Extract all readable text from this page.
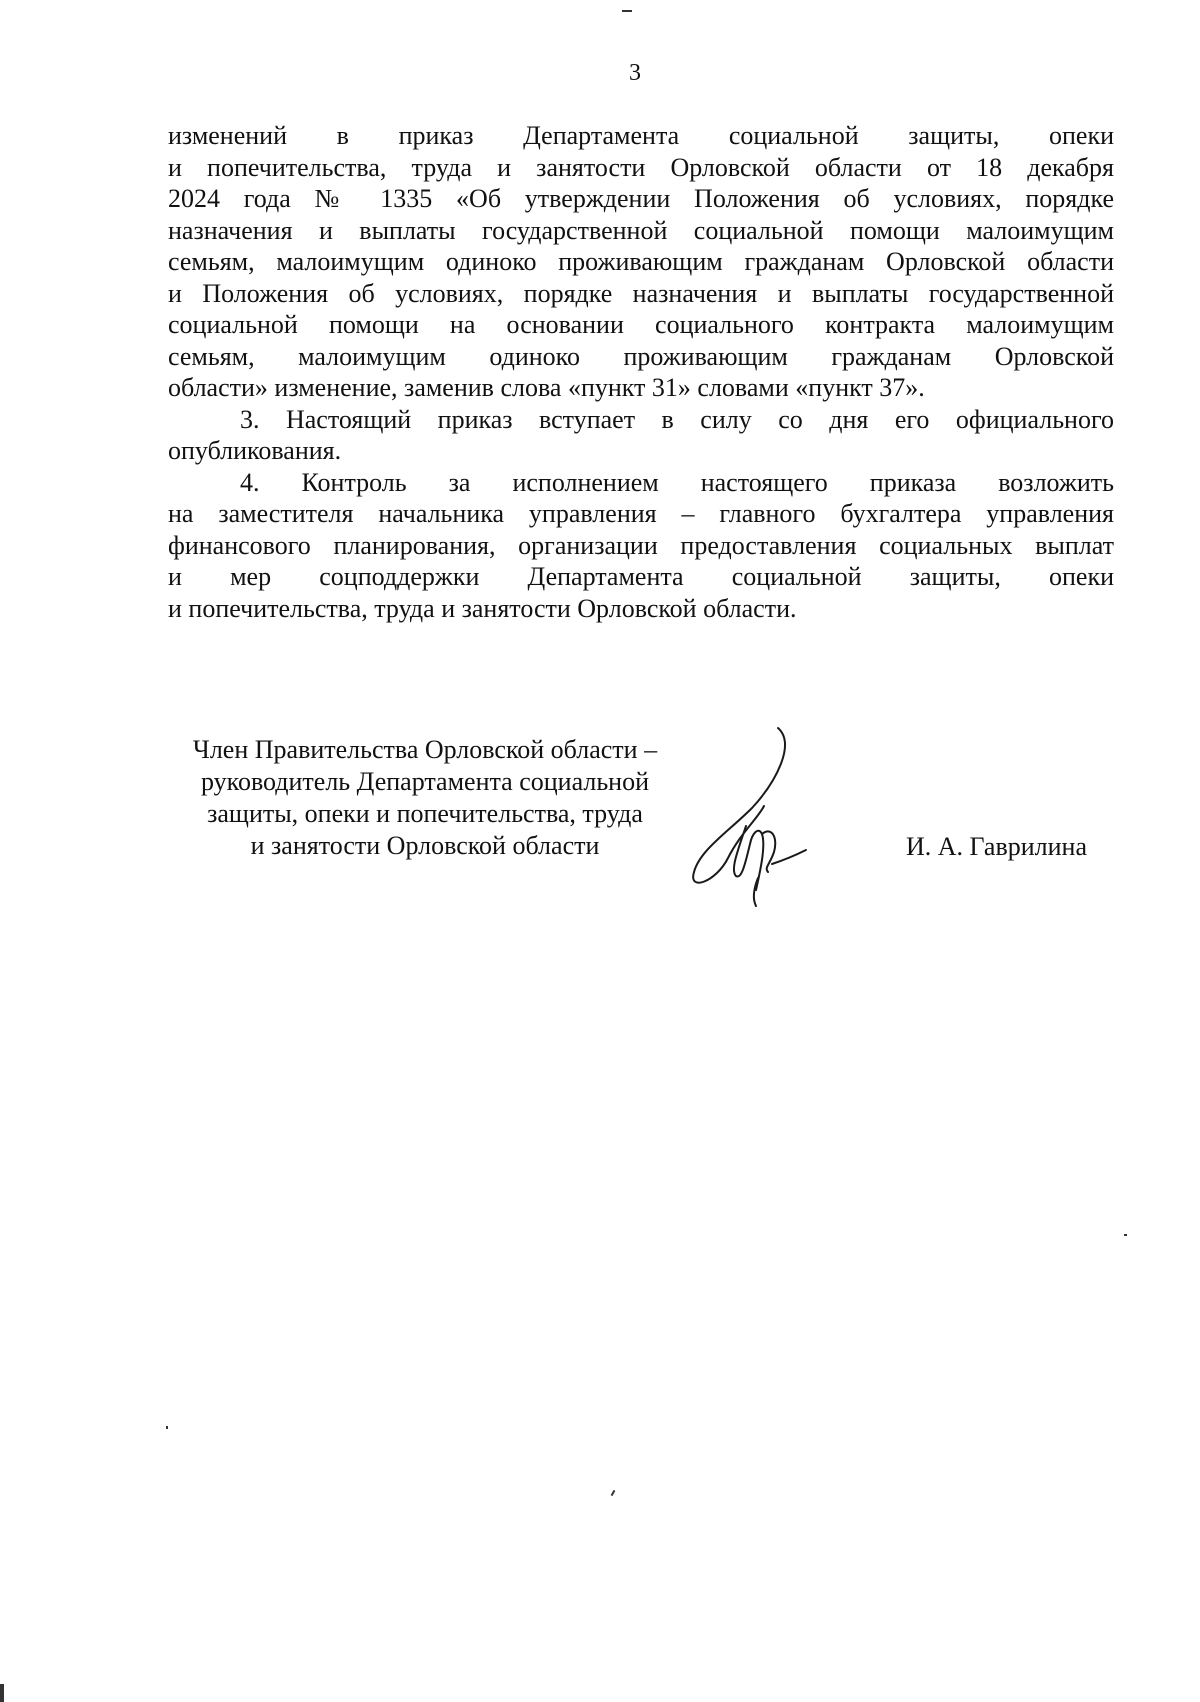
3
изменений в приказ Департамента социальной защиты, опеки
и попечительства, труда и занятости Орловской области от 18 декабря
2024 года № 1335 «Об утверждении Положения об условиях, порядке
назначения и выплаты государственной социальной помощи малоимущим
семьям, малоимущим одиноко проживающим гражданам Орловской области
и Положения об условиях, порядке назначения и выплаты государственной
социальной помощи на основании социального контракта малоимущим
семьям, малоимущим одиноко проживающим гражданам Орловской
области» изменение, заменив слова «пункт 31» словами «пункт 37».
3. Настоящий приказ вступает в силу со дня его официального
опубликования.
4. Контроль за исполнением настоящего приказа возложить
на заместителя начальника управления – главного бухгалтера управления
финансового планирования, организации предоставления социальных выплат
и мер соцподдержки Департамента социальной защиты, опеки
и попечительства, труда и занятости Орловской области.
Член Правительства Орловской области –
руководитель Департамента социальной
защиты, опеки и попечительства, труда
и занятости Орловской области	И. А. Гаврилина
